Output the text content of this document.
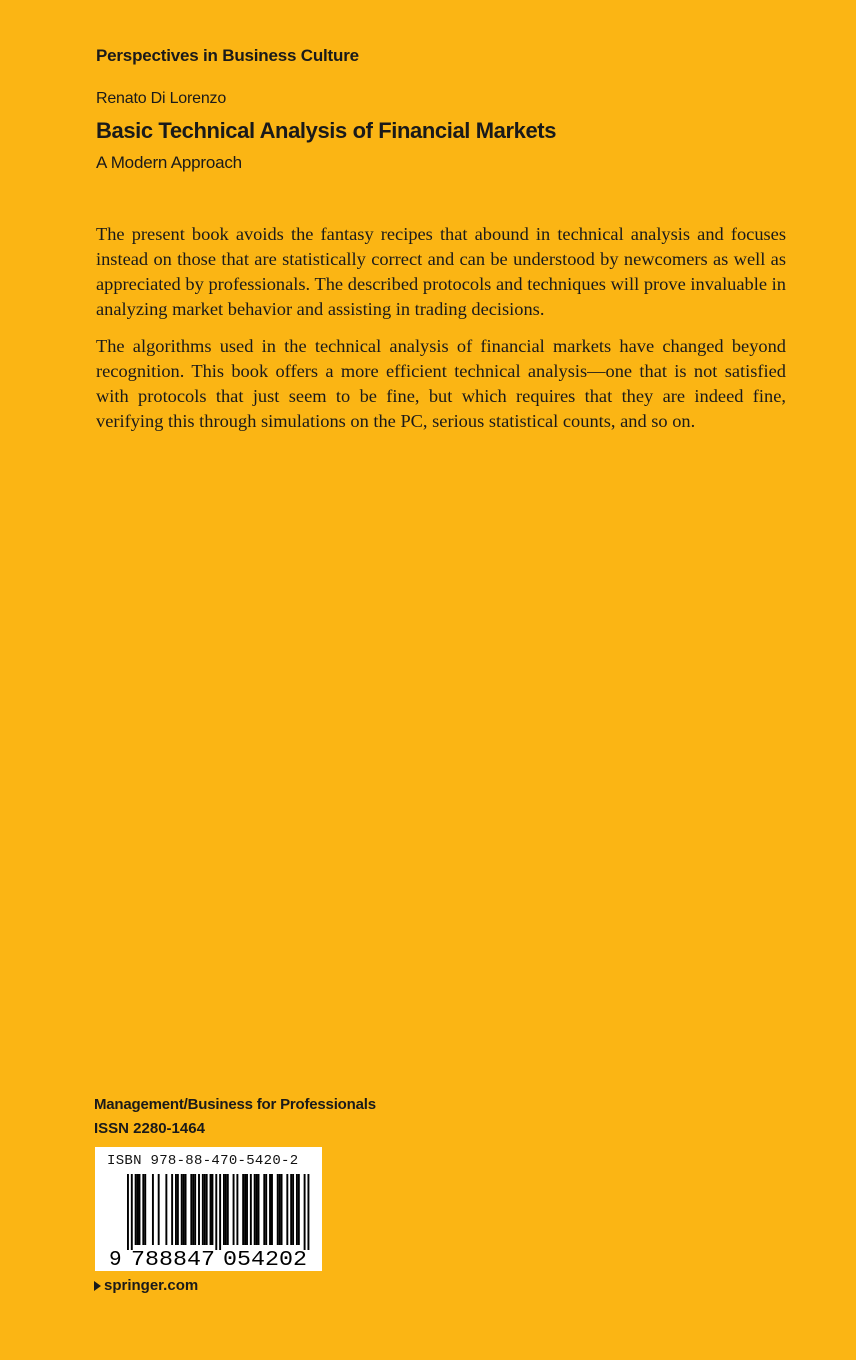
Perspectives in Business Culture
Renato Di Lorenzo
Basic Technical Analysis of Financial Markets
A Modern Approach

The present book avoids the fantasy recipes that abound in technical analysis and focuses instead on those that are statistically correct and can be understood by newcomers as well as appreciated by professionals. The described protocols and techniques will prove invaluable in analyzing market behavior and assisting in trading decisions.

The algorithms used in the technical analysis of financial markets have changed beyond recognition. This book offers a more efficient technical analysis—one that is not satisfied with protocols that just seem to be fine, but which requires that they are indeed fine, verifying this through simulations on the PC, serious statistical counts, and so on.

Management/Business for Professionals
ISSN 2280-1464
ISBN 978-88-470-5420-2
9 788847 054202
springer.com
